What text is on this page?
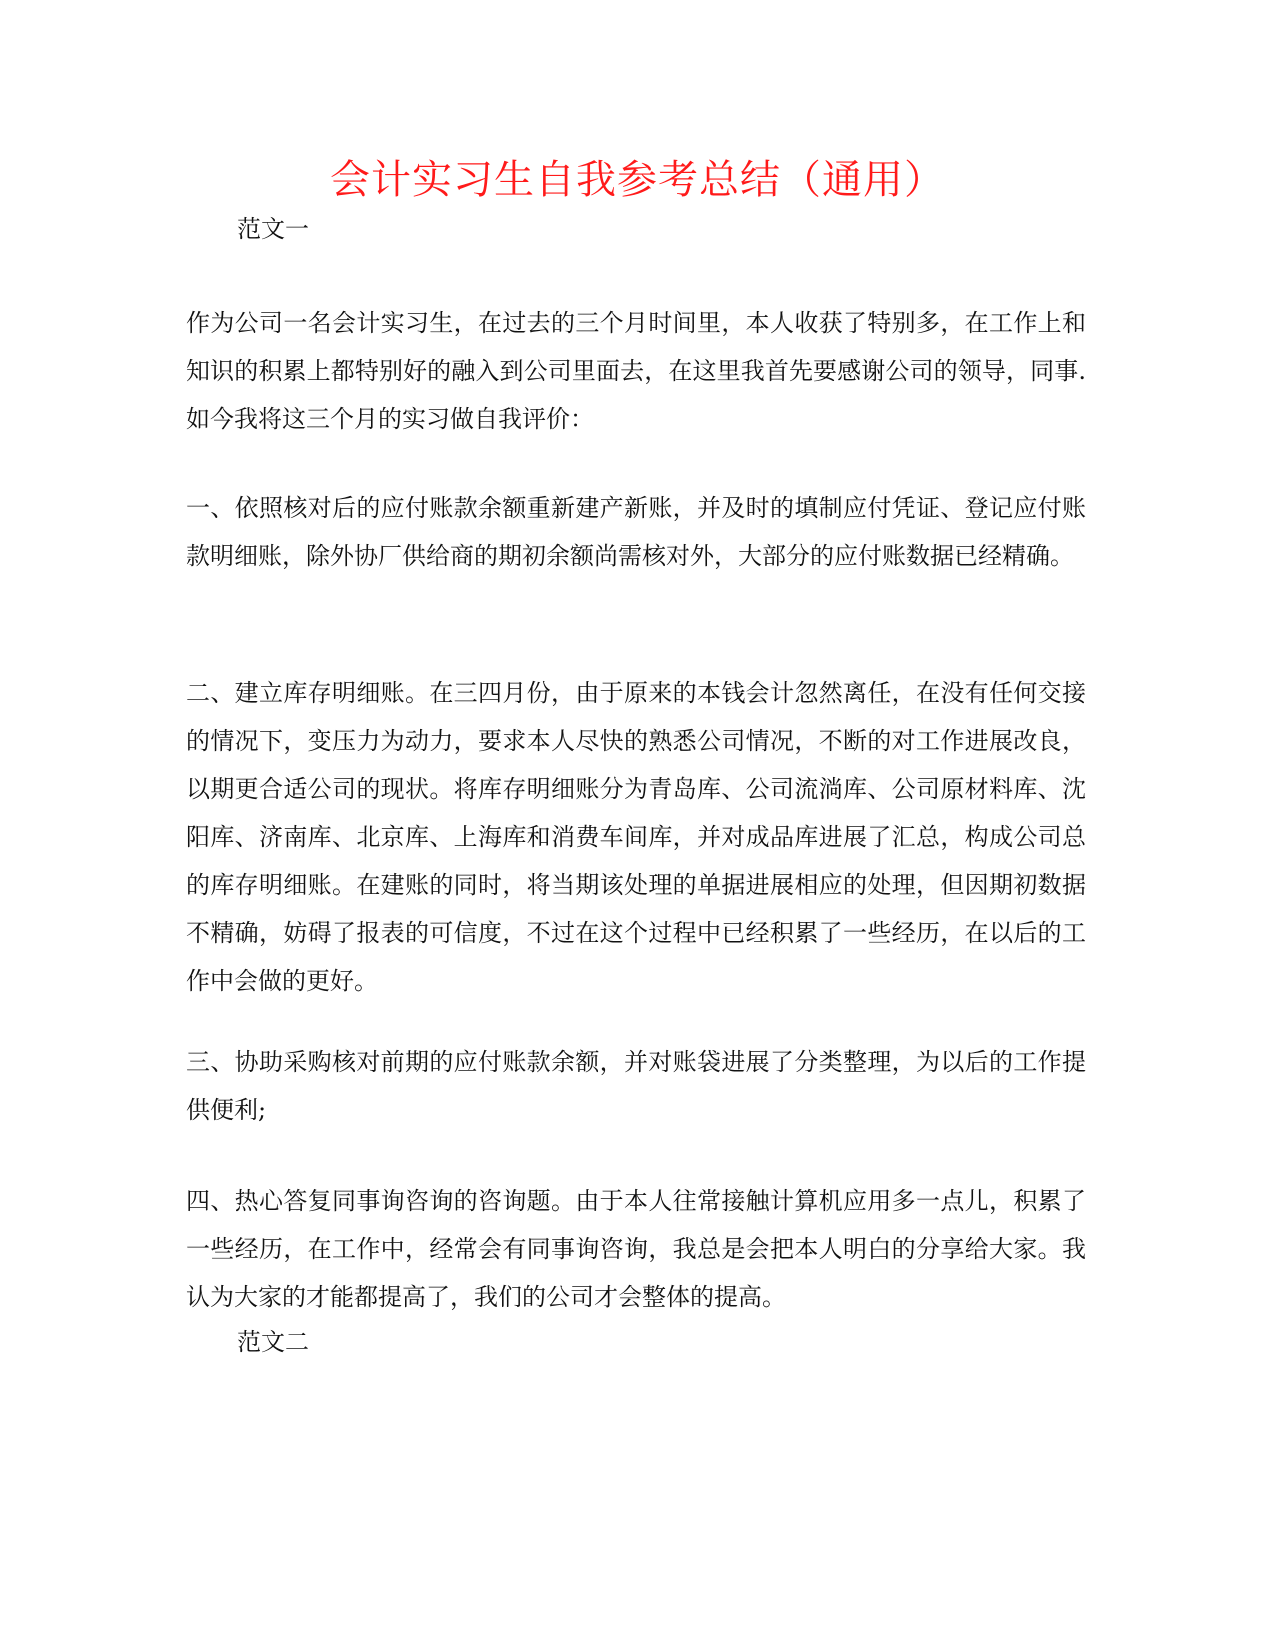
会计实习生自我参考总结（通用）

范文一

作为公司一名会计实习生，在过去的三个月时间里，本人收获了特别多，在工作上和知识的积累上都特别好的融入到公司里面去，在这里我首先要感谢公司的领导，同事.如今我将这三个月的实习做自我评价：

一、依照核对后的应付账款余额重新建产新账，并及时的填制应付凭证、登记应付账款明细账，除外协厂供给商的期初余额尚需核对外，大部分的应付账数据已经精确。

二、建立库存明细账。在三四月份，由于原来的本钱会计忽然离任，在没有任何交接的情况下，变压力为动力，要求本人尽快的熟悉公司情况，不断的对工作进展改良，以期更合适公司的现状。将库存明细账分为青岛库、公司流淌库、公司原材料库、沈阳库、济南库、北京库、上海库和消费车间库，并对成品库进展了汇总，构成公司总的库存明细账。在建账的同时，将当期该处理的单据进展相应的处理，但因期初数据不精确，妨碍了报表的可信度，不过在这个过程中已经积累了一些经历，在以后的工作中会做的更好。

三、协助采购核对前期的应付账款余额，并对账袋进展了分类整理，为以后的工作提供便利;

四、热心答复同事询咨询的咨询题。由于本人往常接触计算机应用多一点儿，积累了一些经历，在工作中，经常会有同事询咨询，我总是会把本人明白的分享给大家。我认为大家的才能都提高了，我们的公司才会整体的提高。

范文二
